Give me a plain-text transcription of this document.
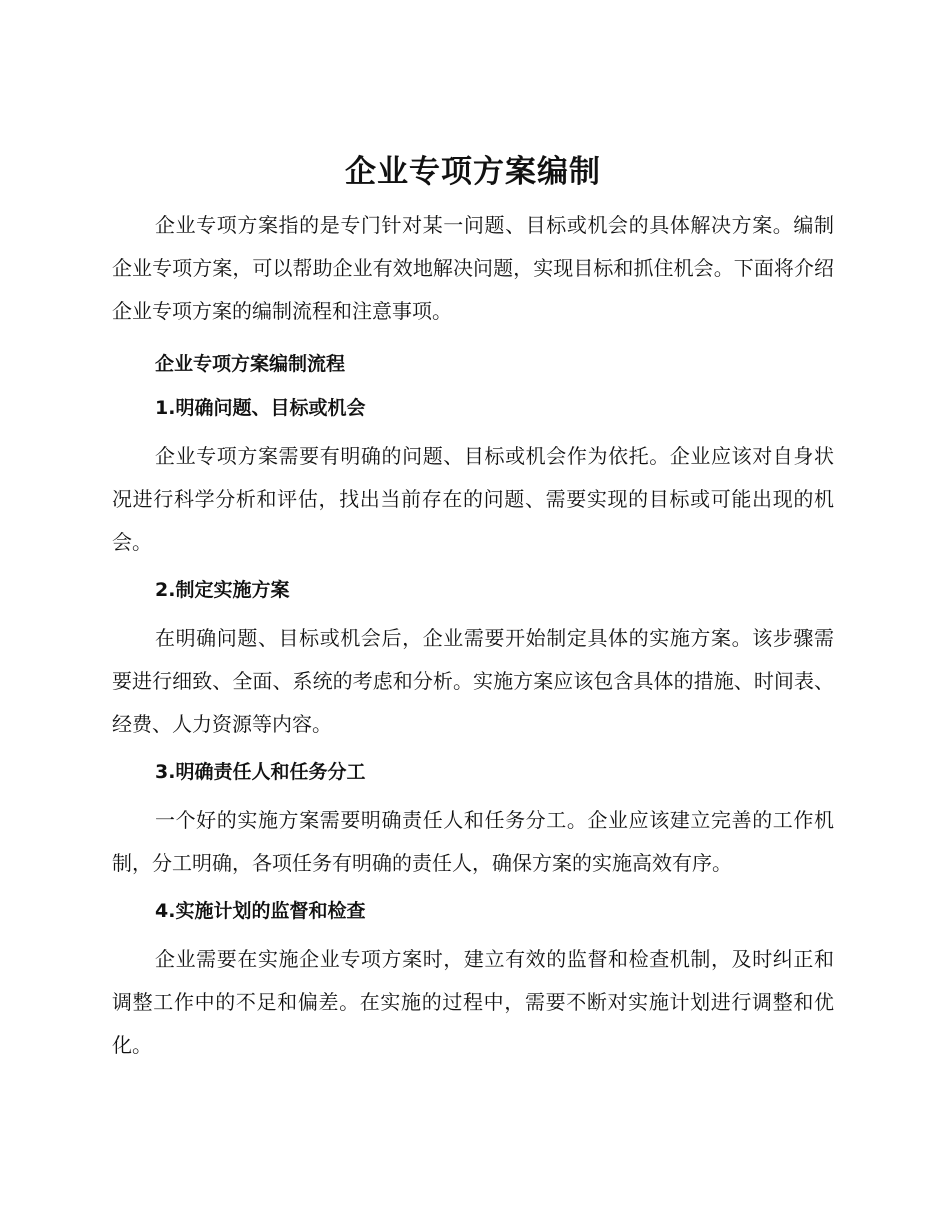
企业专项方案编制

企业专项方案指的是专门针对某一问题、目标或机会的具体解决方案。编制企业专项方案，可以帮助企业有效地解决问题，实现目标和抓住机会。下面将介绍企业专项方案的编制流程和注意事项。

企业专项方案编制流程
1.明确问题、目标或机会

企业专项方案需要有明确的问题、目标或机会作为依托。企业应该对自身状况进行科学分析和评估，找出当前存在的问题、需要实现的目标或可能出现的机会。

2.制定实施方案

在明确问题、目标或机会后，企业需要开始制定具体的实施方案。该步骤需要进行细致、全面、系统的考虑和分析。实施方案应该包含具体的措施、时间表、经费、人力资源等内容。

3.明确责任人和任务分工

一个好的实施方案需要明确责任人和任务分工。企业应该建立完善的工作机制，分工明确，各项任务有明确的责任人，确保方案的实施高效有序。

4.实施计划的监督和检查

企业需要在实施企业专项方案时，建立有效的监督和检查机制，及时纠正和调整工作中的不足和偏差。在实施的过程中，需要不断对实施计划进行调整和优化。
